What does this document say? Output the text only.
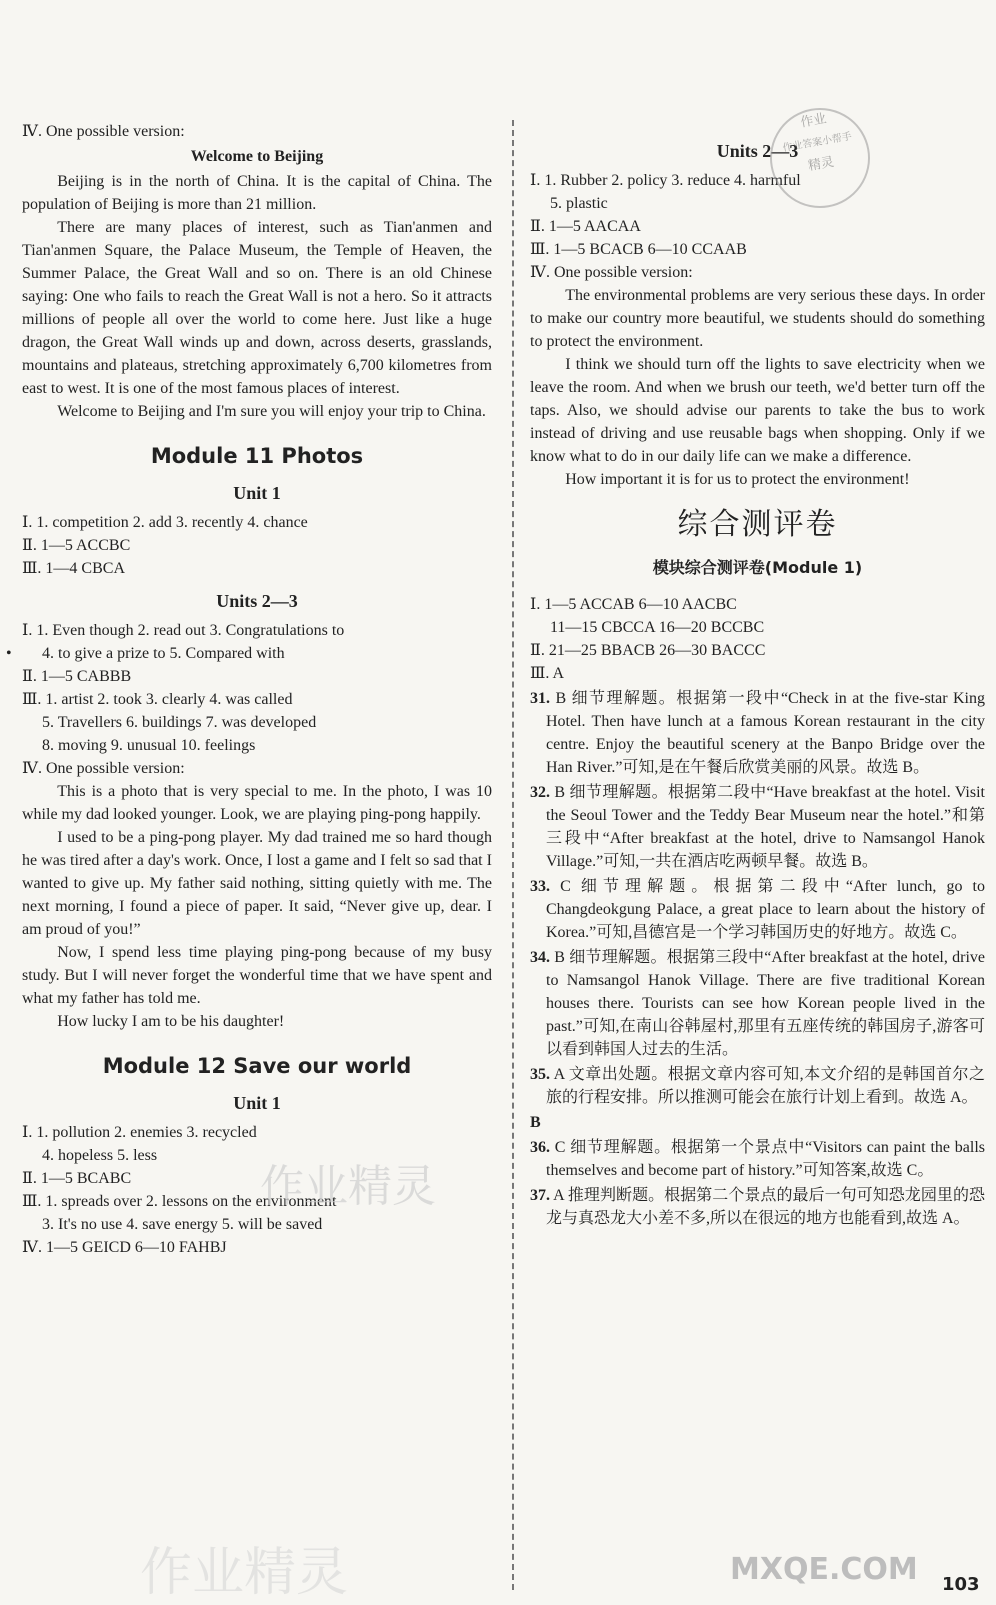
•
Ⅳ. One possible version:
Welcome to Beijing
Beijing is in the north of China. It is the capital of China. The population of Beijing is more than 21 million.
There are many places of interest, such as Tian'anmen and Tian'anmen Square, the Palace Museum, the Temple of Heaven, the Summer Palace, the Great Wall and so on. There is an old Chinese saying: One who fails to reach the Great Wall is not a hero. So it attracts millions of people all over the world to come here. Just like a huge dragon, the Great Wall winds up and down, across deserts, grasslands, mountains and plateaus, stretching approximately 6,700 kilometres from east to west. It is one of the most famous places of interest.
Welcome to Beijing and I'm sure you will enjoy your trip to China.
Module 11 Photos
Unit 1
Ⅰ. 1. competition 2. add 3. recently 4. chance
Ⅱ. 1—5 ACCBC
Ⅲ. 1—4 CBCA
Units 2—3
Ⅰ. 1. Even though 2. read out 3. Congratulations to
4. to give a prize to 5. Compared with
Ⅱ. 1—5 CABBB
Ⅲ. 1. artist 2. took 3. clearly 4. was called
5. Travellers 6. buildings 7. was developed
8. moving 9. unusual 10. feelings
Ⅳ. One possible version:
This is a photo that is very special to me. In the photo, I was 10 while my dad looked younger. Look, we are playing ping-pong happily.
I used to be a ping-pong player. My dad trained me so hard though he was tired after a day's work. Once, I lost a game and I felt so sad that I wanted to give up. My father said nothing, sitting quietly with me. The next morning, I found a piece of paper. It said, “Never give up, dear. I am proud of you!”
Now, I spend less time playing ping-pong because of my busy study. But I will never forget the wonderful time that we have spent and what my father has told me.
How lucky I am to be his daughter!
Module 12 Save our world
Unit 1
Ⅰ. 1. pollution 2. enemies 3. recycled
4. hopeless 5. less
Ⅱ. 1—5 BCABC
Ⅲ. 1. spreads over 2. lessons on the environment
3. It's no use 4. save energy 5. will be saved
Ⅳ. 1—5 GEICD 6—10 FAHBJ
Units 2—3
Ⅰ. 1. Rubber 2. policy 3. reduce 4. harmful
5. plastic
Ⅱ. 1—5 AACAA
Ⅲ. 1—5 BCACB 6—10 CCAAB
Ⅳ. One possible version:
The environmental problems are very serious these days. In order to make our country more beautiful, we students should do something to protect the environment.
I think we should turn off the lights to save electricity when we leave the room. And when we brush our teeth, we'd better turn off the taps. Also, we should advise our parents to take the bus to work instead of driving and use reusable bags when shopping. Only if we know what to do in our daily life can we make a difference.
How important it is for us to protect the environment!
综合测评卷
模块综合测评卷(Module 1)
Ⅰ. 1—5 ACCAB 6—10 AACBC
11—15 CBCCA 16—20 BCCBC
Ⅱ. 21—25 BBACB 26—30 BACCC
Ⅲ. A
31. B 细节理解题。根据第一段中“Check in at the five-star King Hotel. Then have lunch at a famous Korean restaurant in the city centre. Enjoy the beautiful scenery at the Banpo Bridge over the Han River.”可知,是在午餐后欣赏美丽的风景。故选 B。
32. B 细节理解题。根据第二段中“Have breakfast at the hotel. Visit the Seoul Tower and the Teddy Bear Museum near the hotel.”和第三段中“After breakfast at the hotel, drive to Namsangol Hanok Village.”可知,一共在酒店吃两顿早餐。故选 B。
33. C 细节理解题。根据第二段中“After lunch, go to Changdeokgung Palace, a great place to learn about the history of Korea.”可知,昌德宫是一个学习韩国历史的好地方。故选 C。
34. B 细节理解题。根据第三段中“After breakfast at the hotel, drive to Namsangol Hanok Village. There are five traditional Korean houses there. Tourists can see how Korean people lived in the past.”可知,在南山谷韩屋村,那里有五座传统的韩国房子,游客可以看到韩国人过去的生活。
35. A 文章出处题。根据文章内容可知,本文介绍的是韩国首尔之旅的行程安排。所以推测可能会在旅行计划上看到。故选 A。
B
36. C 细节理解题。根据第一个景点中“Visitors can paint the balls themselves and become part of history.”可知答案,故选 C。
37. A 推理判断题。根据第二个景点的最后一句可知恐龙园里的恐龙与真恐龙大小差不多,所以在很远的地方也能看到,故选 A。
作业
作业答案小帮手
精灵
作业精灵
作业精灵	MXQE.COM 103
